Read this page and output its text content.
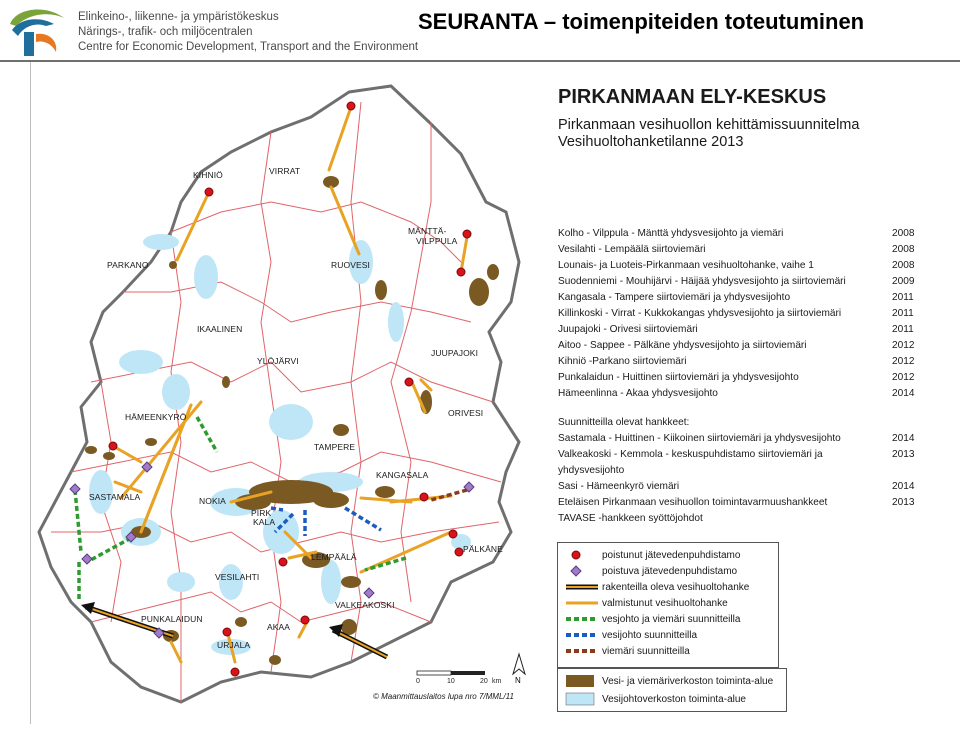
Elinkeino-, liikenne- ja ympäristökeskus
Närings-, trafik- och miljöcentralen
Centre for Economic Development, Transport and the Environment
SEURANTA – toimenpiteiden toteutuminen
KIHNIÖ	VIRRAT
MÄNTTÄ-
VILPPULA
PARKANO	RUOVESI
IKAALINEN
YLÖJÄRVI
JUUPAJOKI
ORIVESI
HÄMEENKYRÖ
TAMPERE
KANGASALA
SASTAMALA	NOKIA
PIRK
KALA
PÄLKÄNE
LEMPÄÄLÄ
VESILAHTI
VALKEAKOSKI
PUNKALAIDUN
AKAA
URJALA
PIRKANMAAN ELY-KESKUS
Pirkanmaan vesihuollon kehittämissuunnitelma
Vesihuoltohanketilanne 2013
Kolho - Vilppula - Mänttä yhdysvesijohto ja viemäri	2008
Vesilahti - Lempäälä siirtoviemäri	2008
Lounais- ja Luoteis-Pirkanmaan vesihuoltohanke, vaihe 1	2008
Suodenniemi - Mouhijärvi - Häijää yhdysvesijohto ja siirtoviemäri	2009
Kangasala - Tampere siirtoviemäri ja yhdysvesijohto	2011
Killinkoski - Virrat - Kukkokangas yhdysvesijohto ja siirtoviemäri	2011
Juupajoki - Orivesi siirtoviemäri	2011
Aitoo - Sappee - Pälkäne yhdysvesijohto ja siirtoviemäri	2012
Kihniö -Parkano siirtoviemäri	2012
Punkalaidun - Huittinen siirtoviemäri ja yhdysvesijohto	2012
Hämeenlinna - Akaa yhdysvesijohto	2014
Suunnitteilla olevat hankkeet:
Sastamala - Huittinen - Kiikoinen siirtoviemäri ja yhdysvesijohto	2014
Valkeakoski - Kemmola - keskuspuhdistamo siirtoviemäri ja yhdysvesijohto
2013
Sasi - Hämeenkyrö viemäri	2014
Eteläisen Pirkanmaan vesihuollon toimintavarmuushankkeet	2013
TAVASE -hankkeen syöttöjohdot
poistunut jätevedenpuhdistamo
poistuva jätevedenpuhdistamo
rakenteilla oleva vesihuoltohanke
valmistunut vesihuoltohanke
vesjohto ja viemäri suunnitteilla
vesijohto suunnitteilla
viemäri suunnitteilla
Vesi- ja viemäriverkoston toiminta-alue
Vesijohtoverkoston toiminta-alue
0	10	20 km N
© Maanmittauslaitos lupa nro 7/MML/11
